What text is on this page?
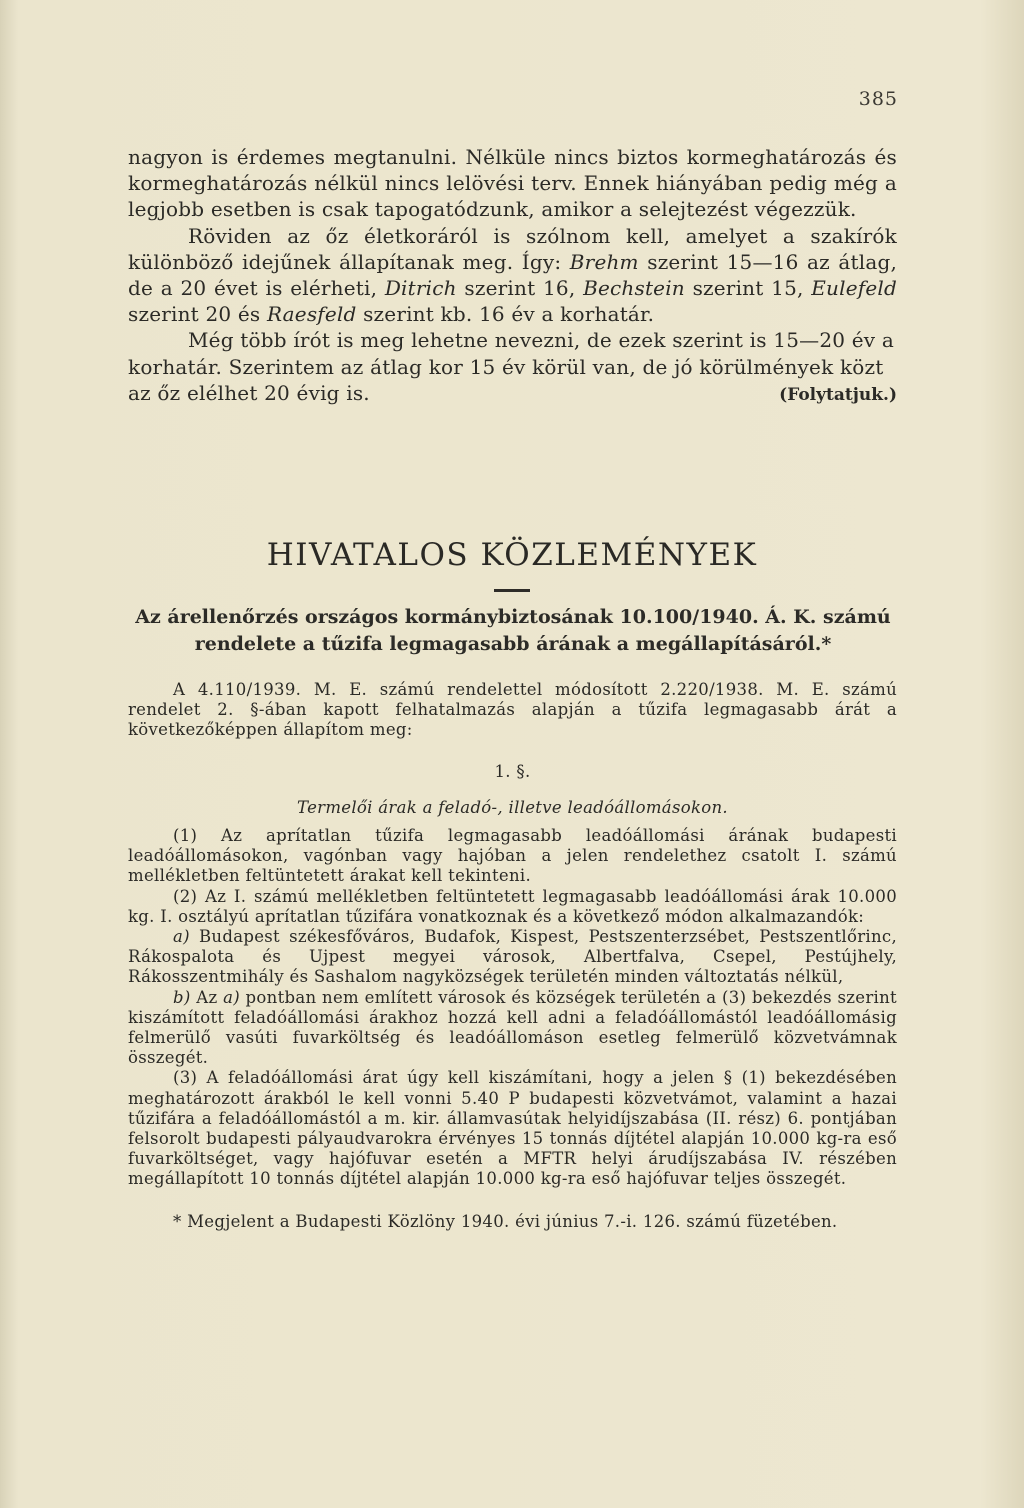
385

nagyon is érdemes megtanulni. Nélküle nincs biztos kormeghatározás és kormeghatározás nélkül nincs lelövési terv. Ennek hiányában pedig még a legjobb esetben is csak tapogatódzunk, amikor a selejtezést végezzük.

Röviden az őz életkoráról is szólnom kell, amelyet a szakírók különböző idejűnek állapítanak meg. Így: Brehm szerint 15—16 az átlag, de a 20 évet is elérheti, Ditrich szerint 16, Bechstein szerint 15, Eulefeld szerint 20 és Raesfeld szerint kb. 16 év a korhatár.

Még több írót is meg lehetne nevezni, de ezek szerint is 15—20 év a korhatár. Szerintem az átlag kor 15 év körül van, de jó körülmények közt az őz elélhet 20 évig is.	(Folytatjuk.)

HIVATALOS KÖZLEMÉNYEK
Az árellenőrzés országos kormánybiztosának 10.100/1940. Á. K. számú rendelete a tűzifa legmagasabb árának a megállapításáról.*

A 4.110/1939. M. E. számú rendelettel módosított 2.220/1938. M. E. számú rendelet 2. §-ában kapott felhatalmazás alapján a tűzifa legmagasabb árát a következőképpen állapítom meg:

1. §.

Termelői árak a feladó-, illetve leadóállomásokon.

(1) Az aprítatlan tűzifa legmagasabb leadóállomási árának budapesti leadóállomásokon, vagónban vagy hajóban a jelen rendelethez csatolt I. számú mellékletben feltüntetett árakat kell tekinteni.

(2) Az I. számú mellékletben feltüntetett legmagasabb leadóállomási árak 10.000 kg. I. osztályú aprítatlan tűzifára vonatkoznak és a következő módon alkalmazandók:

a) Budapest székesfőváros, Budafok, Kispest, Pestszenterzsébet, Pestszentlőrinc, Rákospalota és Ujpest megyei városok, Albertfalva, Csepel, Pestújhely, Rákosszentmihály és Sashalom nagyközségek területén minden változtatás nélkül,

b) Az a) pontban nem említett városok és községek területén a (3) bekezdés szerint kiszámított feladóállomási árakhoz hozzá kell adni a feladóállomástól leadóállomásig felmerülő vasúti fuvarköltség és leadóállomáson esetleg felmerülő közvetvámnak összegét.

(3) A feladóállomási árat úgy kell kiszámítani, hogy a jelen § (1) bekezdésében meghatározott árakból le kell vonni 5.40 P budapesti közvetvámot, valamint a hazai tűzifára a feladóállomástól a m. kir. államvasútak helyidíjszabása (II. rész) 6. pontjában felsorolt budapesti pályaudvarokra érvényes 15 tonnás díjtétel alapján 10.000 kg-ra eső fuvarköltséget, vagy hajófuvar esetén a MFTR helyi árudíjszabása IV. részében megállapított 10 tonnás díjtétel alapján 10.000 kg-ra eső hajófuvar teljes összegét.

* Megjelent a Budapesti Közlöny 1940. évi június 7.-i. 126. számú füzetében.
